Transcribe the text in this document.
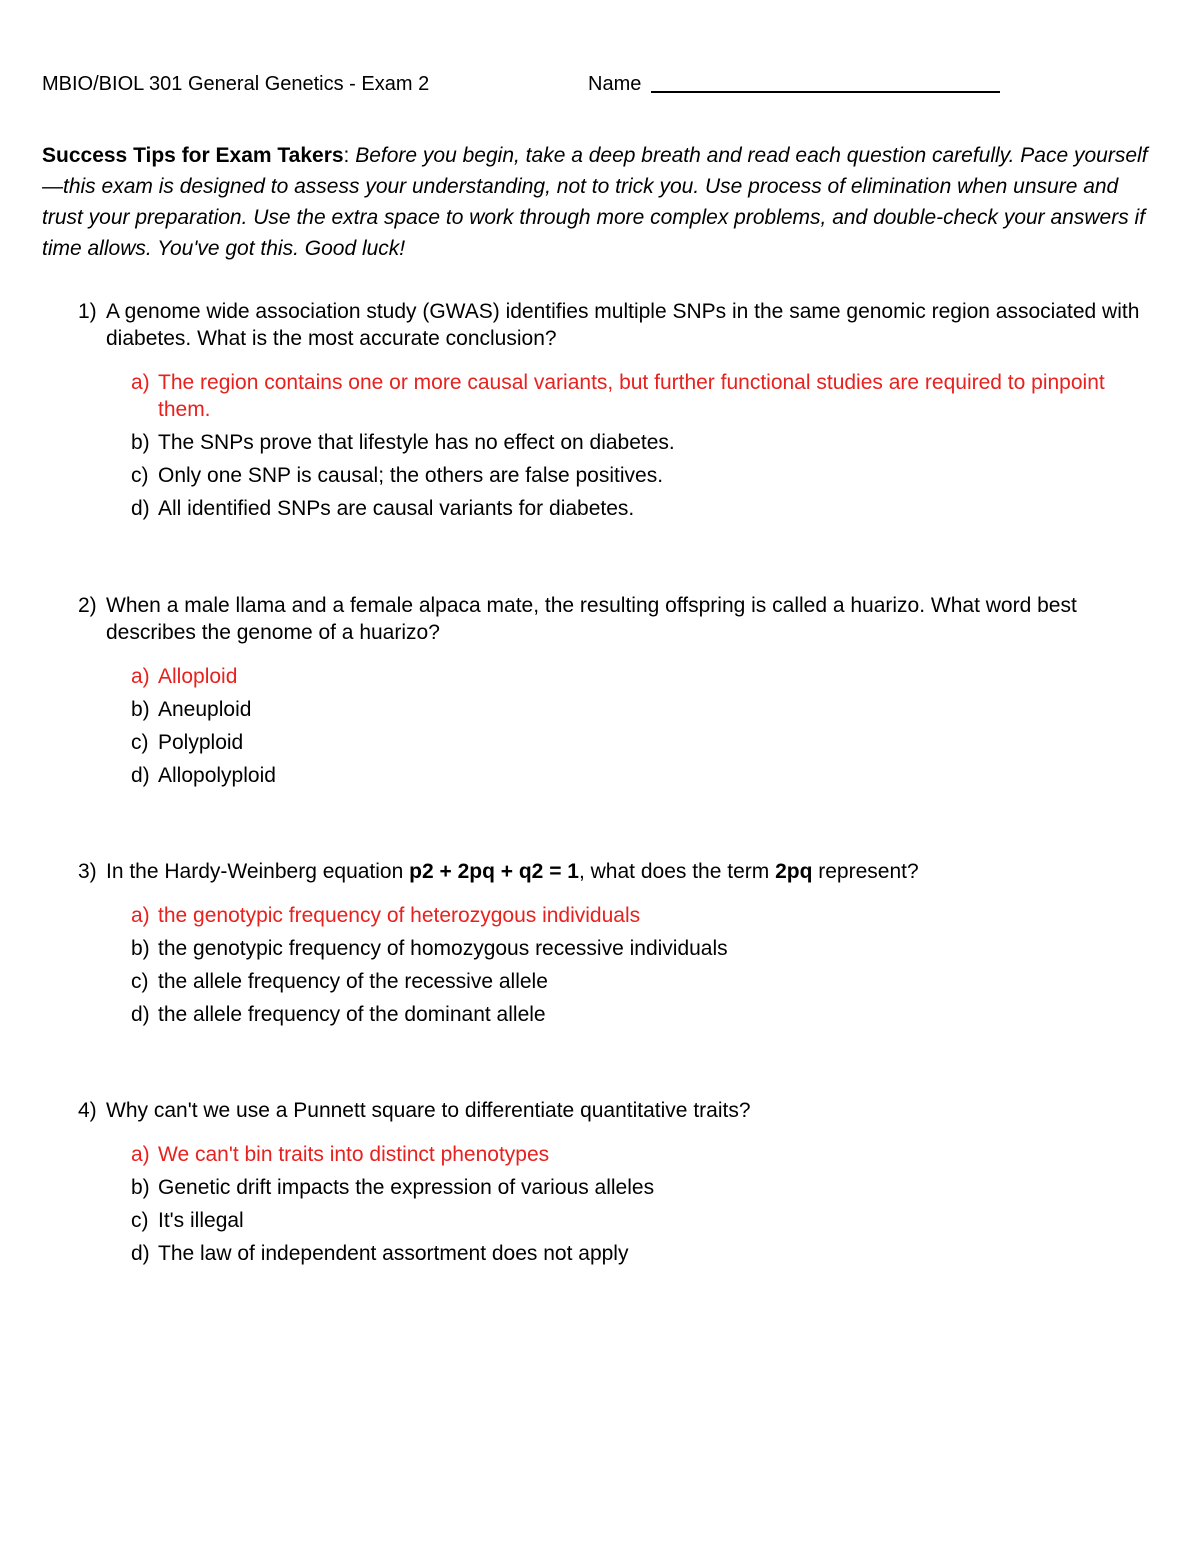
MBIO/BIOL 301 General Genetics - Exam 2	Name
Success Tips for Exam Takers: Before you begin, take a deep breath and read each question carefully. Pace yourself—this exam is designed to assess your understanding, not to trick you. Use process of elimination when unsure and trust your preparation. Use the extra space to work through more complex problems, and double-check your answers if time allows. You've got this. Good luck!
1) A genome wide association study (GWAS) identifies multiple SNPs in the same genomic region associated with diabetes. What is the most accurate conclusion?
a) The region contains one or more causal variants, but further functional studies are required to pinpoint them.
b) The SNPs prove that lifestyle has no effect on diabetes.
c) Only one SNP is causal; the others are false positives.
d) All identified SNPs are causal variants for diabetes.
2) When a male llama and a female alpaca mate, the resulting offspring is called a huarizo. What word best describes the genome of a huarizo?
a) Alloploid
b) Aneuploid
c) Polyploid
d) Allopolyploid
3) In the Hardy-Weinberg equation p2 + 2pq + q2 = 1, what does the term 2pq represent?
a) the genotypic frequency of heterozygous individuals
b) the genotypic frequency of homozygous recessive individuals
c) the allele frequency of the recessive allele
d) the allele frequency of the dominant allele
4) Why can't we use a Punnett square to differentiate quantitative traits?
a) We can't bin traits into distinct phenotypes
b) Genetic drift impacts the expression of various alleles
c) It's illegal
d) The law of independent assortment does not apply
